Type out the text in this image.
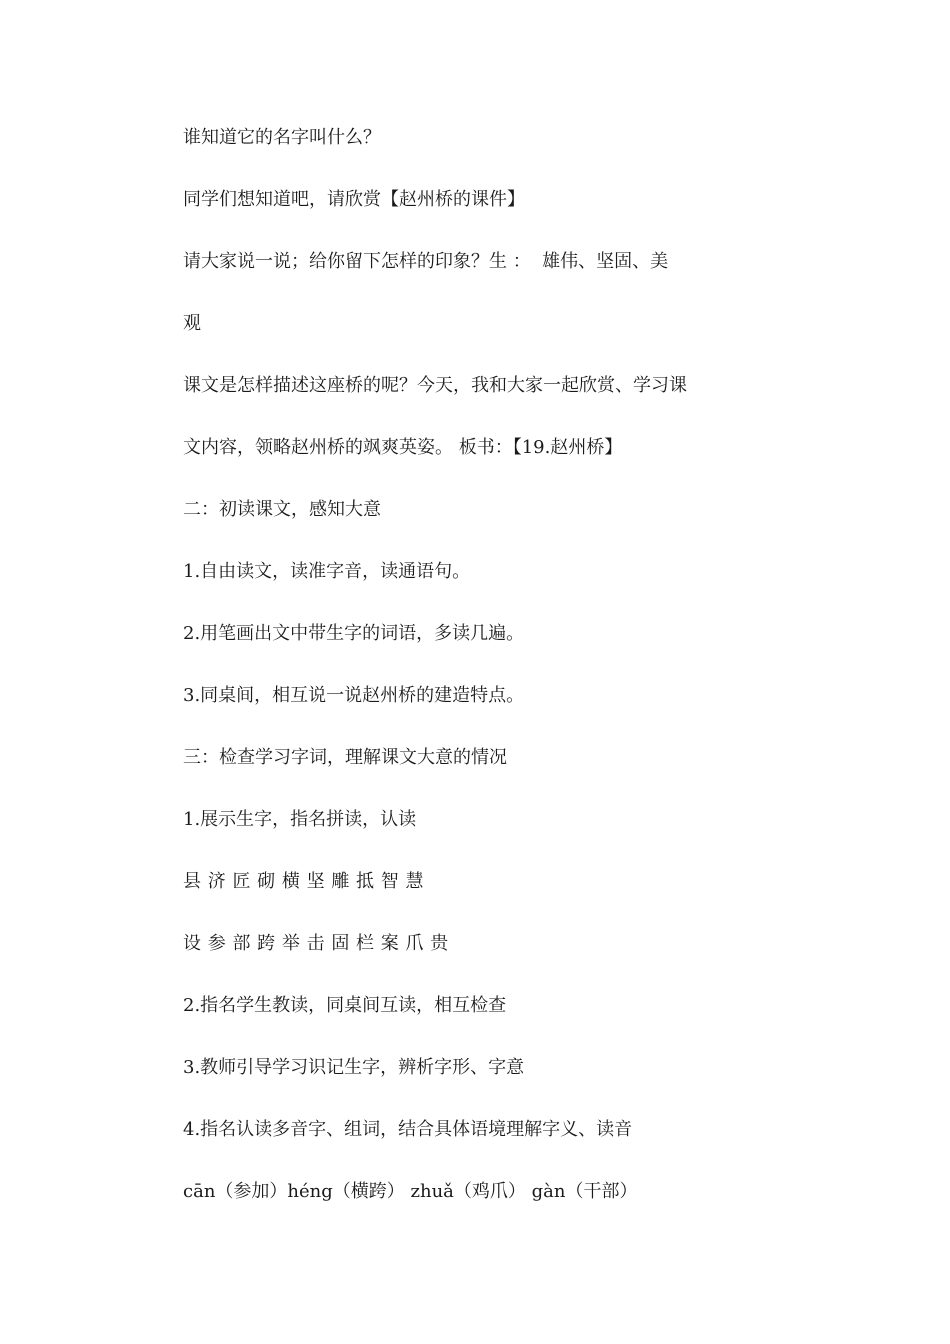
谁知道它的名字叫什么？

同学们想知道吧，请欣赏【赵州桥的课件】

请大家说一说；给你留下怎样的印象？生 ：  雄伟、坚固、美

观

课文是怎样描述这座桥的呢？今天，我和大家一起欣赏、学习课

文内容，领略赵州桥的飒爽英姿。 板书：【19.赵州桥】

二：初读课文，感知大意

1.自由读文，读准字音，读通语句。

2.用笔画出文中带生字的词语，多读几遍。

3.同桌间，相互说一说赵州桥的建造特点。

三：检查学习字词，理解课文大意的情况

1.展示生字，指名拼读，认读

县 济 匠 砌 横 坚 雕 抵 智 慧

设 参 部 跨 举 击 固 栏 案 爪 贵

2.指名学生教读，同桌间互读，相互检查

3.教师引导学习识记生字，辨析字形、字意

4.指名认读多音字、组词，结合具体语境理解字义、读音

cān（参加）héng（横跨） zhuǎ（鸡爪） gàn（干部）
